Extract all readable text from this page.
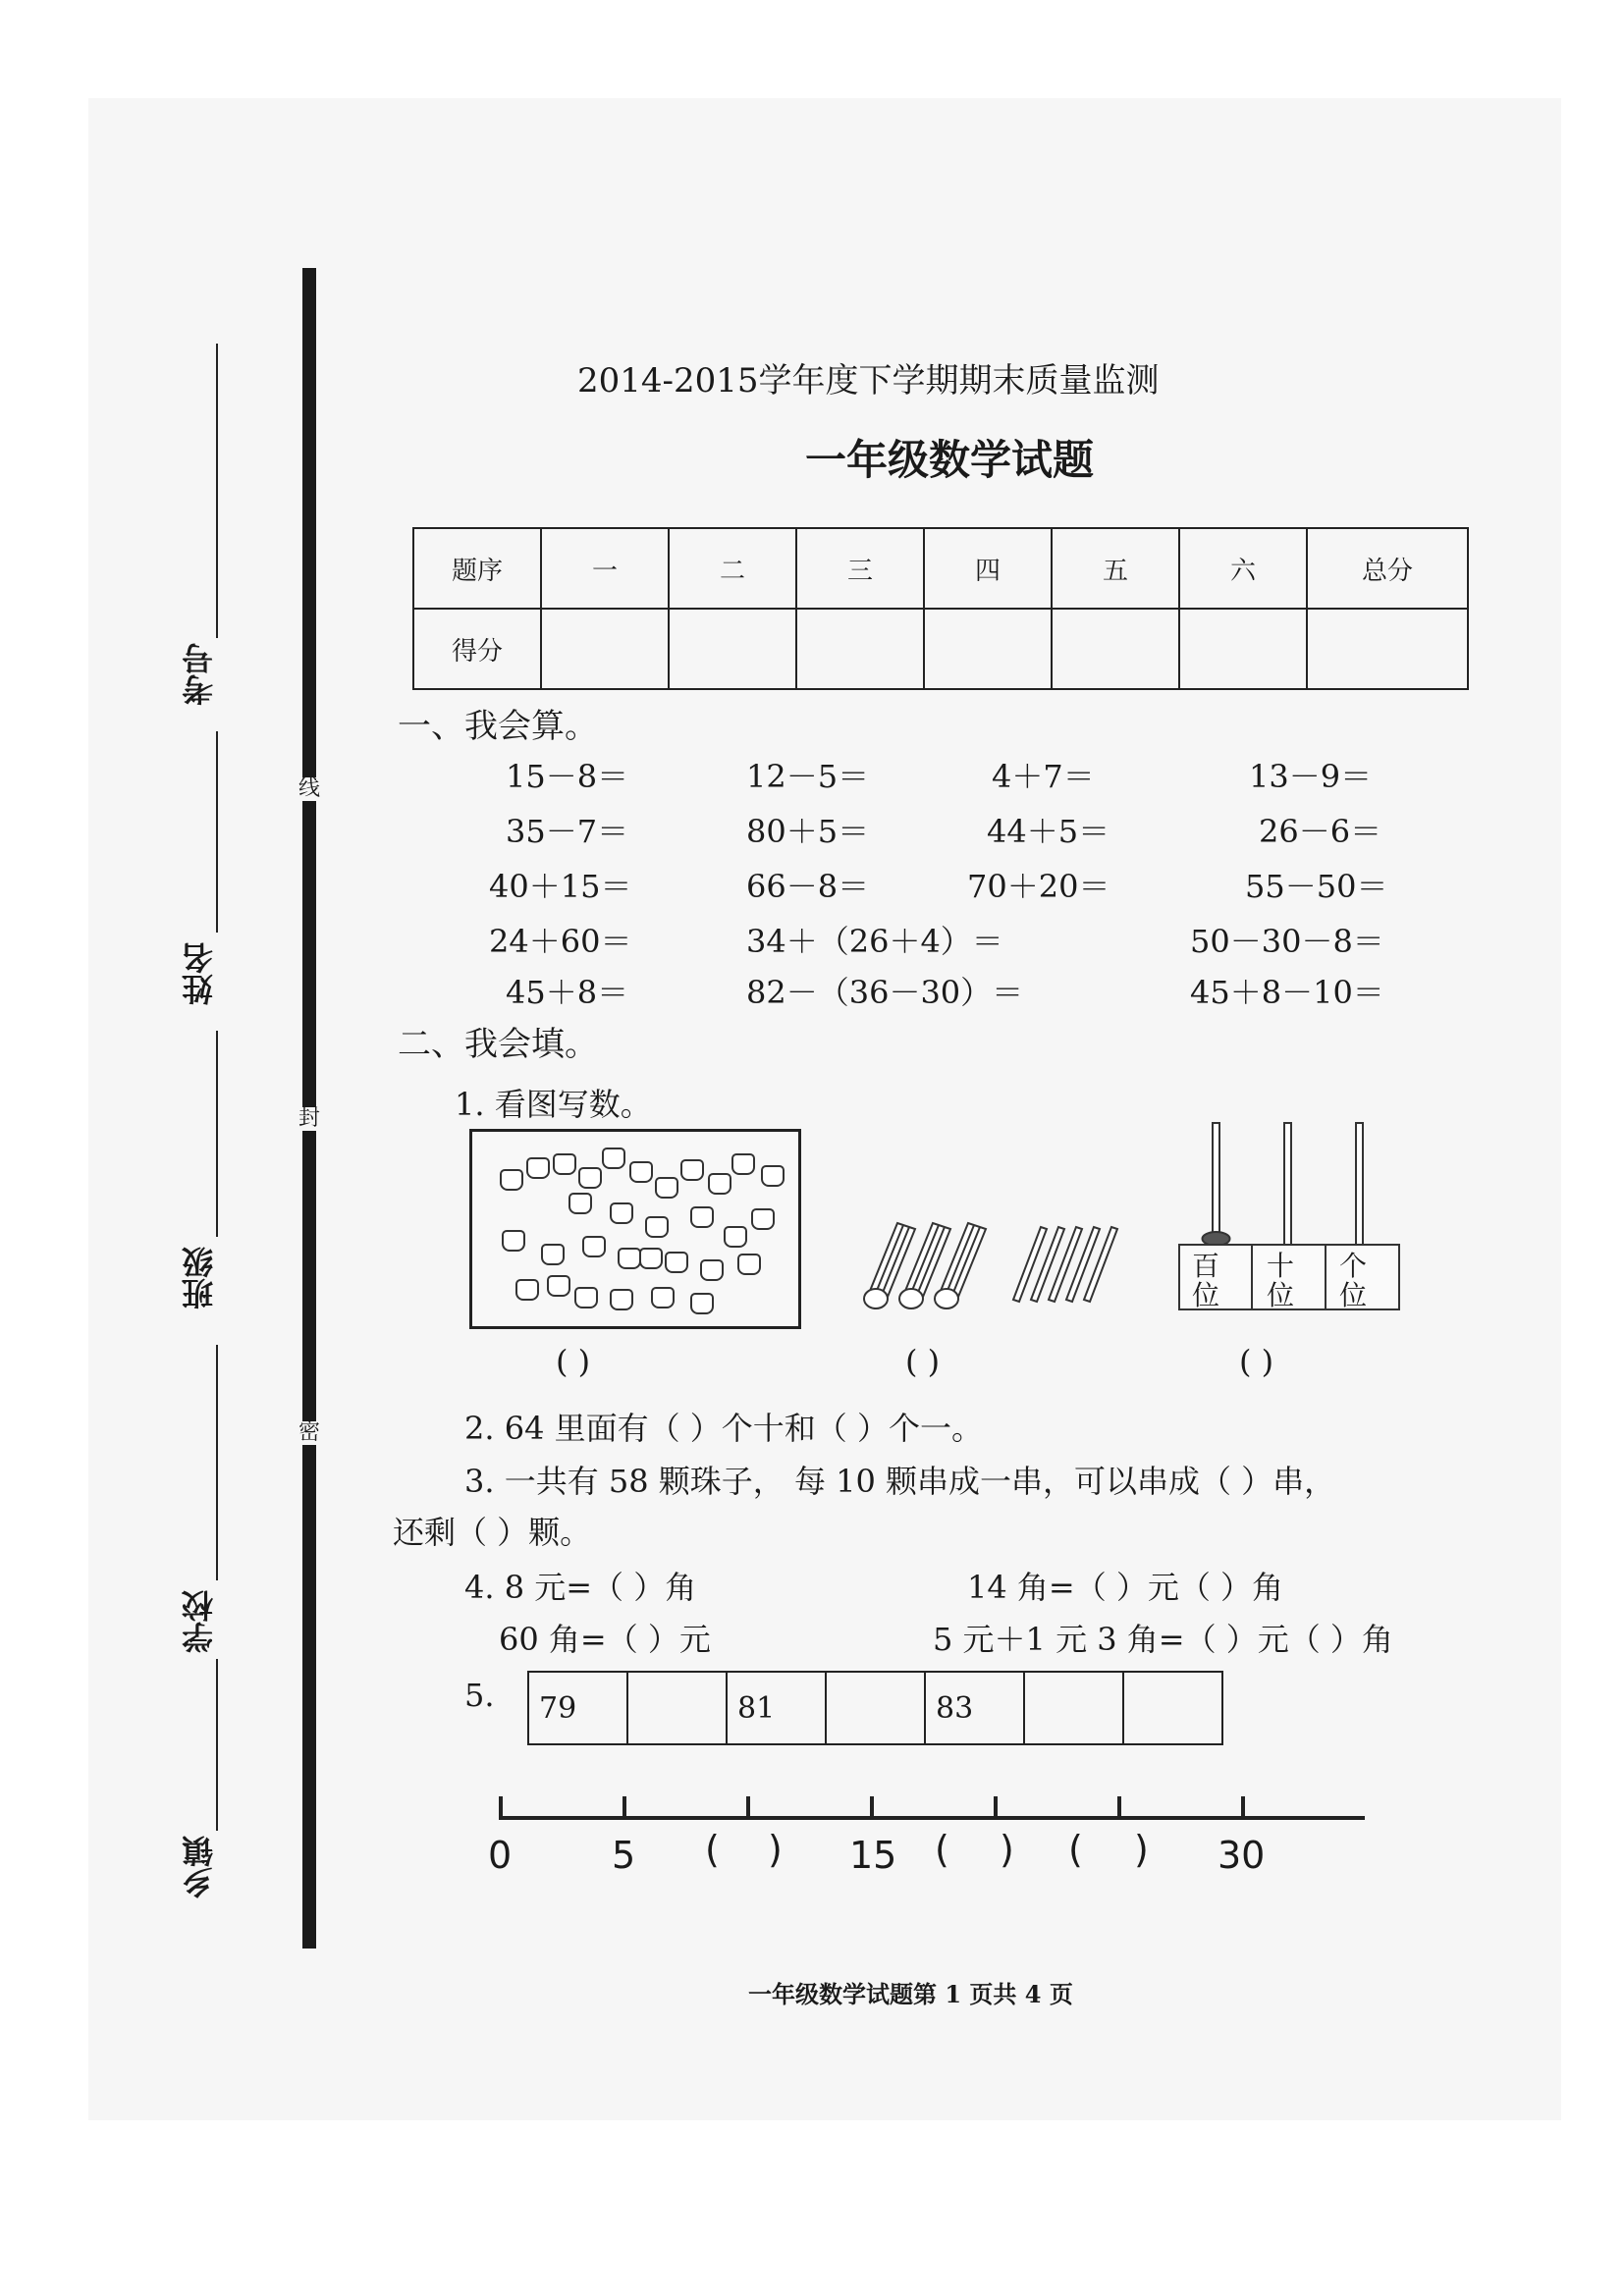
考号
姓名
班级
学校
乡镇
线
封
密
2014-2015学年度下学期期末质量监测
一年级数学试题
题序	一	二	三	四	五	六	总分
得分							
一、我会算。
15－8＝	12－5＝	4＋7＝	13－9＝
35－7＝	80＋5＝	44＋5＝	26－6＝
40＋15＝	66－8＝	70＋20＝	55－50＝
24＋60＝	34＋（26＋4）＝	50－30－8＝
45＋8＝	82－（36－30）＝	45＋8－10＝
二、我会填。
1. 看图写数。
百位
十位
个位
( )	( )	( )
2. 64 里面有（ ）个十和（ ）个一。
3. 一共有 58 颗珠子， 每 10 颗串成一串，可以串成（ ）串，
还剩（ ）颗。
4. 8 元=（ ）角	14 角=（ ）元（ ）角
60 角=（ ）元	5 元＋1 元 3 角=（ ）元（ ）角
5. 79		81		83		
0	5 ( ) 15 ( ) ( ) 30
一年级数学试题第 1 页共 4 页
